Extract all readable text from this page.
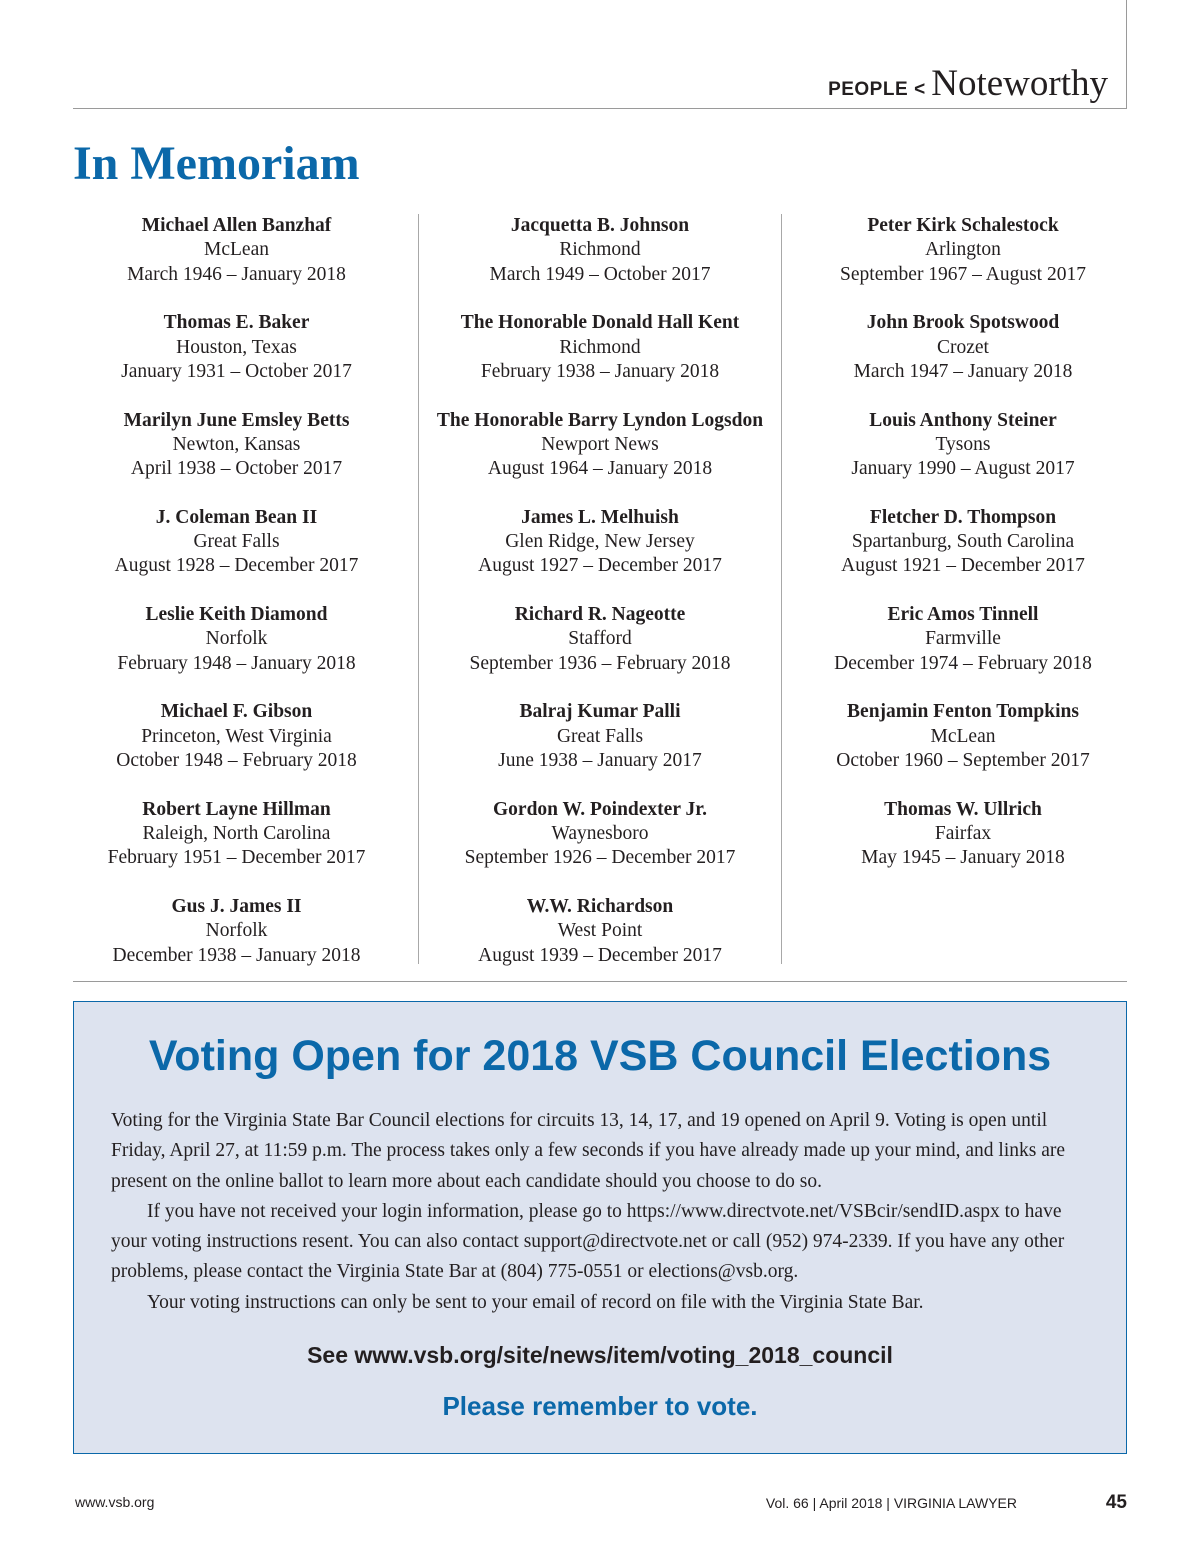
PEOPLE < Noteworthy
In Memoriam
Michael Allen Banzhaf
McLean
March 1946 – January 2018
Thomas E. Baker
Houston, Texas
January 1931 – October 2017
Marilyn June Emsley Betts
Newton, Kansas
April 1938 – October 2017
J. Coleman Bean II
Great Falls
August 1928 – December 2017
Leslie Keith Diamond
Norfolk
February 1948 – January 2018
Michael F. Gibson
Princeton, West Virginia
October 1948 – February 2018
Robert Layne Hillman
Raleigh, North Carolina
February 1951 – December 2017
Gus J. James II
Norfolk
December 1938 – January 2018
Jacquetta B. Johnson
Richmond
March 1949 – October 2017
The Honorable Donald Hall Kent
Richmond
February 1938 – January 2018
The Honorable Barry Lyndon Logsdon
Newport News
August 1964 – January 2018
James L. Melhuish
Glen Ridge, New Jersey
August 1927 – December 2017
Richard R. Nageotte
Stafford
September 1936 – February 2018
Balraj Kumar Palli
Great Falls
June 1938 – January 2017
Gordon W. Poindexter Jr.
Waynesboro
September 1926 – December 2017
W.W. Richardson
West Point
August 1939 – December 2017
Peter Kirk Schalestock
Arlington
September 1967 – August 2017
John Brook Spotswood
Crozet
March 1947 – January 2018
Louis Anthony Steiner
Tysons
January 1990 – August 2017
Fletcher D. Thompson
Spartanburg, South Carolina
August 1921 – December 2017
Eric Amos Tinnell
Farmville
December 1974 – February 2018
Benjamin Fenton Tompkins
McLean
October 1960 – September 2017
Thomas W. Ullrich
Fairfax
May 1945 – January 2018
Voting Open for 2018 VSB Council Elections

Voting for the Virginia State Bar Council elections for circuits 13, 14, 17, and 19 opened on April 9. Voting is open until Friday, April 27, at 11:59 p.m. The process takes only a few seconds if you have already made up your mind, and links are present on the online ballot to learn more about each candidate should you choose to do so.

If you have not received your login information, please go to https://www.directvote.net/VSBcir/sendID.aspx to have your voting instructions resent. You can also contact support@directvote.net or call (952) 974-2339. If you have any other problems, please contact the Virginia State Bar at (804) 775-0551 or elections@vsb.org.

Your voting instructions can only be sent to your email of record on file with the Virginia State Bar.

See www.vsb.org/site/news/item/voting_2018_council
Please remember to vote.
www.vsb.org	Vol. 66 | April 2018 | VIRGINIA LAWYER	45
